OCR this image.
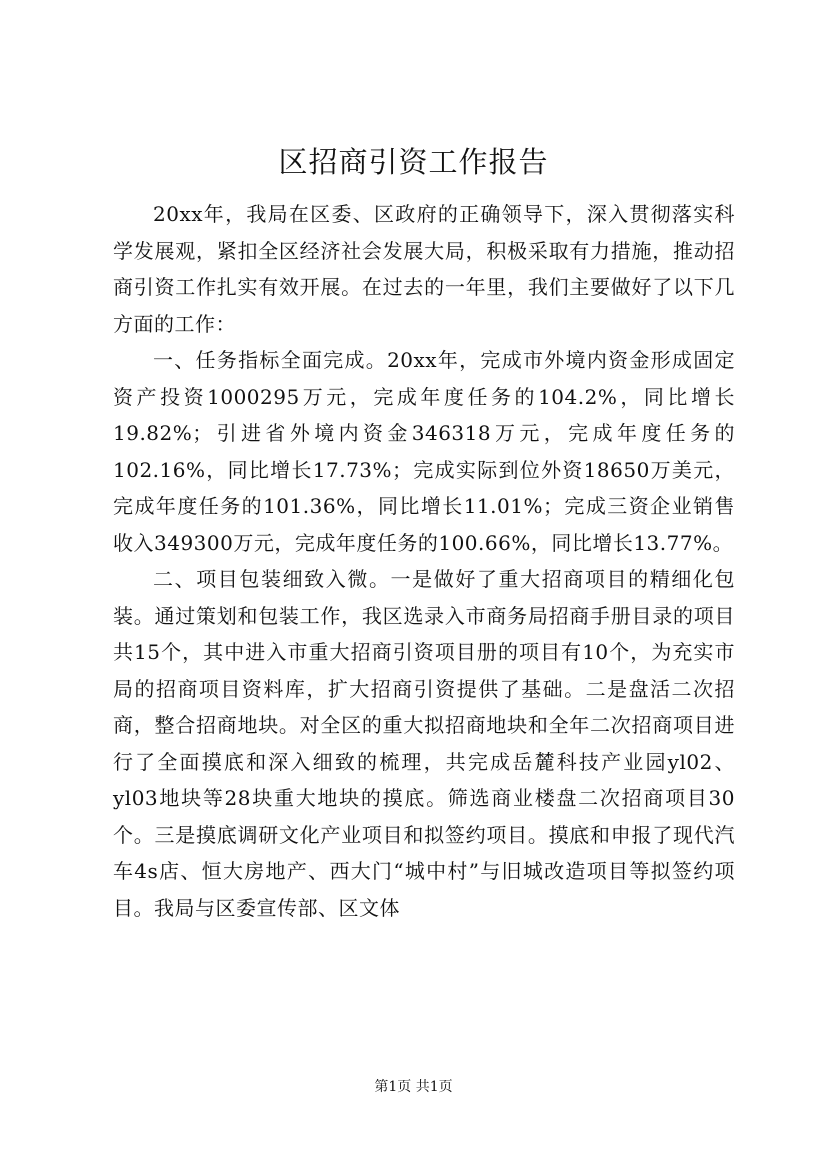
区招商引资工作报告

20xx年，我局在区委、区政府的正确领导下，深入贯彻落实科学发展观，紧扣全区经济社会发展大局，积极采取有力措施，推动招商引资工作扎实有效开展。在过去的一年里，我们主要做好了以下几方面的工作：

一、任务指标全面完成。20xx年，完成市外境内资金形成固定资产投资1000295万元，完成年度任务的104.2%，同比增长19.82%；引进省外境内资金346318万元，完成年度任务的102.16%，同比增长17.73%；完成实际到位外资18650万美元，完成年度任务的101.36%，同比增长11.01%；完成三资企业销售收入349300万元，完成年度任务的100.66%，同比增长13.77%。

二、项目包装细致入微。一是做好了重大招商项目的精细化包装。通过策划和包装工作，我区选录入市商务局招商手册目录的项目共15个，其中进入市重大招商引资项目册的项目有10个，为充实市局的招商项目资料库，扩大招商引资提供了基础。二是盘活二次招商，整合招商地块。对全区的重大拟招商地块和全年二次招商项目进行了全面摸底和深入细致的梳理，共完成岳麓科技产业园yl02、yl03地块等28块重大地块的摸底。筛选商业楼盘二次招商项目30个。三是摸底调研文化产业项目和拟签约项目。摸底和申报了现代汽车4s店、恒大房地产、西大门“城中村”与旧城改造项目等拟签约项目。我局与区委宣传部、区文体

第1页 共1页
